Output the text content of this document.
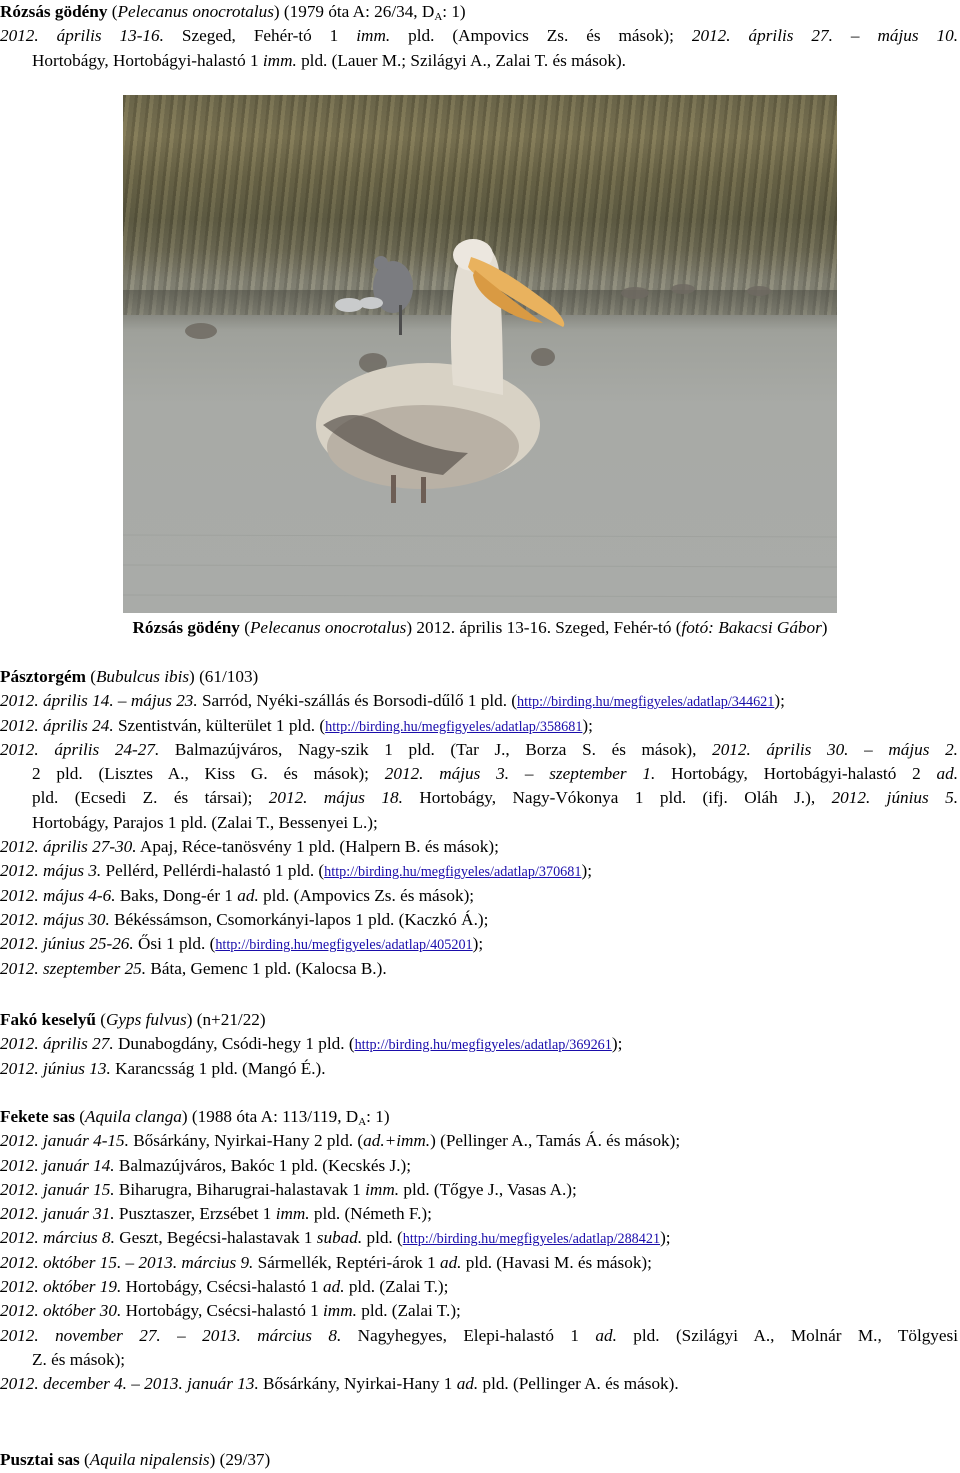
Rózsás gödény (Pelecanus onocrotalus) (1979 óta A: 26/34, $D_A$: 1)
2012. április 13-16. Szeged, Fehér-tó 1 imm. pld. (Ampovics Zs. és mások); 2012. április 27. – május 10.
Hortobágy, Hortobágyi-halastó 1 imm. pld. (Lauer M.; Szilágyi A., Zalai T. és mások).
Rózsás gödény (Pelecanus onocrotalus) 2012. április 13-16. Szeged, Fehér-tó (fotó: Bakacsi Gábor)
Pásztorgém (Bubulcus ibis) (61/103)
2012. április 14. – május 23. Sarród, Nyéki-szállás és Borsodi-dűlő 1 pld. (http://birding.hu/megfigyeles/adatlap/344621);
2012. április 24. Szentistván, külterület 1 pld. (http://birding.hu/megfigyeles/adatlap/358681);
2012. április 24-27. Balmazújváros, Nagy-szik 1 pld. (Tar J., Borza S. és mások), 2012. április 30. – május 2.
2 pld. (Lisztes A., Kiss G. és mások); 2012. május 3. – szeptember 1. Hortobágy, Hortobágyi-halastó 2 ad.
pld. (Ecsedi Z. és társai); 2012. május 18. Hortobágy, Nagy-Vókonya 1 pld. (ifj. Oláh J.), 2012. június 5.
Hortobágy, Parajos 1 pld. (Zalai T., Bessenyei L.);
2012. április 27-30. Apaj, Réce-tanösvény 1 pld. (Halpern B. és mások);
2012. május 3. Pellérd, Pellérdi-halastó 1 pld. (http://birding.hu/megfigyeles/adatlap/370681);
2012. május 4-6. Baks, Dong-ér 1 ad. pld. (Ampovics Zs. és mások);
2012. május 30. Békéssámson, Csomorkányi-lapos 1 pld. (Kaczkó Á.);
2012. június 25-26. Ősi 1 pld. (http://birding.hu/megfigyeles/adatlap/405201);
2012. szeptember 25. Báta, Gemenc 1 pld. (Kalocsa B.).
Fakó keselyű (Gyps fulvus) (n+21/22)
2012. április 27. Dunabogdány, Csódi-hegy 1 pld. (http://birding.hu/megfigyeles/adatlap/369261);
2012. június 13. Karancsság 1 pld. (Mangó É.).
Fekete sas (Aquila clanga) (1988 óta A: 113/119, $D_A$: 1)
2012. január 4-15. Bősárkány, Nyirkai-Hany 2 pld. (ad.+imm.) (Pellinger A., Tamás Á. és mások);
2012. január 14. Balmazújváros, Bakóc 1 pld. (Kecskés J.);
2012. január 15. Biharugra, Biharugrai-halastavak 1 imm. pld. (Tőgye J., Vasas A.);
2012. január 31. Pusztaszer, Erzsébet 1 imm. pld. (Németh F.);
2012. március 8. Geszt, Begécsi-halastavak 1 subad. pld. (http://birding.hu/megfigyeles/adatlap/288421);
2012. október 15. – 2013. március 9. Sármellék, Reptéri-árok 1 ad. pld. (Havasi M. és mások);
2012. október 19. Hortobágy, Csécsi-halastó 1 ad. pld. (Zalai T.);
2012. október 30. Hortobágy, Csécsi-halastó 1 imm. pld. (Zalai T.);
2012. november 27. – 2013. március 8. Nagyhegyes, Elepi-halastó 1 ad. pld. (Szilágyi A., Molnár M., Tölgyesi
Z. és mások);
2012. december 4. – 2013. január 13. Bősárkány, Nyirkai-Hany 1 ad. pld. (Pellinger A. és mások).
Pusztai sas (Aquila nipalensis) (29/37)
